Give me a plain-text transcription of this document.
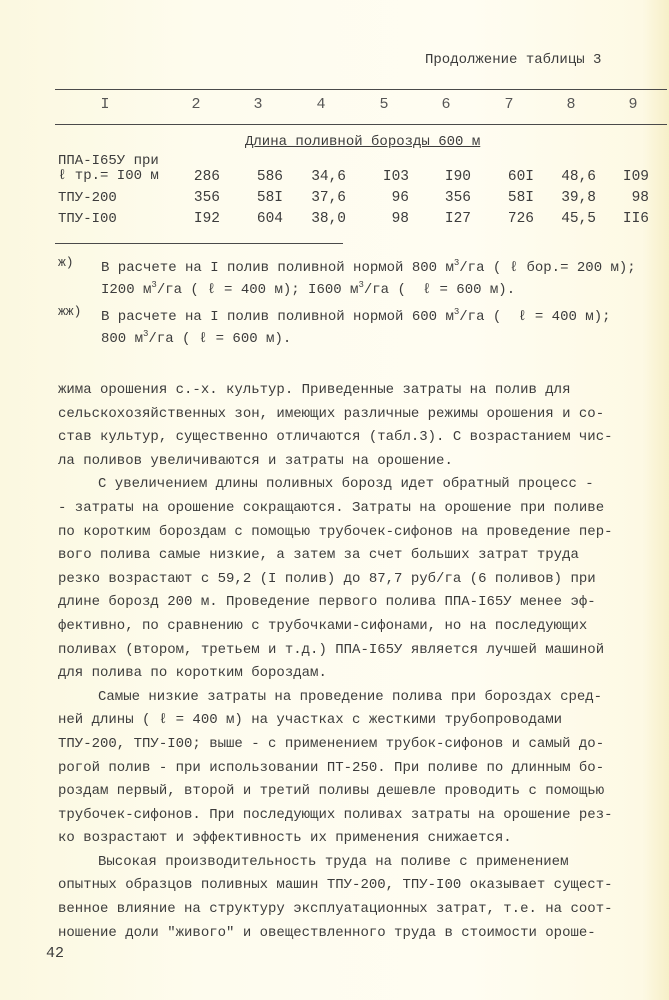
Продолжение таблицы 3
I	2	3	4	5	6	7	8	9
Длина поливной борозды 600 м
ППА-I65У при
ℓ тр.= I00 м	286	586	34,6	I03	I90	60I	48,6	I09
ТПУ-200	356	58I	37,6	96	356	58I	39,8	98
ТПУ-I00	I92	604	38,0	98	I27	726	45,5	II6
ж) В расчете на I полив поливной нормой 800 $м^3/га$ ( ℓ бор.= 200 м);
I200 $м^3/га$ ( ℓ = 400 м); I600 $м^3/га$ (  ℓ = 600 м).
жж) В расчете на I полив поливной нормой 600 $м^3/га$ (  ℓ = 400 м);
800 $м^3/га$ ( ℓ = 600 м).
жима орошения с.-х. культур. Приведенные затраты на полив для
сельскохозяйственных зон, имеющих различные режимы орошения и со-
став культур, существенно отличаются (табл.3). С возрастанием чис-
ла поливов увеличиваются и затраты на орошение.
С увеличением длины поливных борозд идет обратный процесс -
- затраты на орошение сокращаются. Затраты на орошение при поливе
по коротким бороздам с помощью трубочек-сифонов на проведение пер-
вого полива самые низкие, а затем за счет больших затрат труда
резко возрастают с 59,2 (I полив) до 87,7 руб/га (6 поливов) при
длине борозд 200 м. Проведение первого полива ППА-I65У менее эф-
фективно, по сравнению с трубочками-сифонами, но на последующих
поливах (втором, третьем и т.д.) ППА-I65У является лучшей машиной
для полива по коротким бороздам.
Самые низкие затраты на проведение полива при бороздах сред-
ней длины ( ℓ = 400 м) на участках с жесткими трубопроводами
ТПУ-200, ТПУ-I00; выше - с применением трубок-сифонов и самый до-
рогой полив - при использовании ПТ-250. При поливе по длинным бо-
роздам первый, второй и третий поливы дешевле проводить с помощью
трубочек-сифонов. При последующих поливах затраты на орошение рез-
ко возрастают и эффективность их применения снижается.
Высокая производительность труда на поливе с применением
опытных образцов поливных машин ТПУ-200, ТПУ-I00 оказывает сущест-
венное влияние на структуру эксплуатационных затрат, т.е. на соот-
ношение доли "живого" и овеществленного труда в стоимости ороше-
42
